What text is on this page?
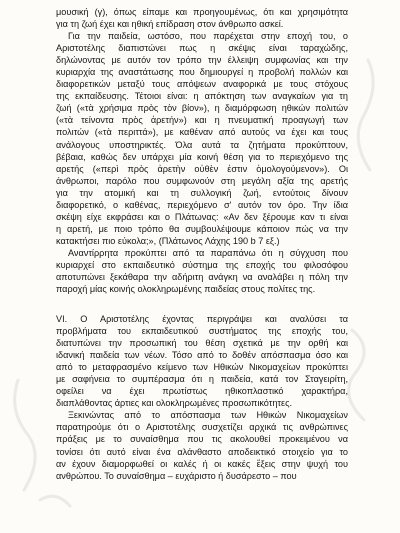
μουσική (γ), όπως είπαμε και προηγουμένως, ότι και χρησιμότητα
για τη ζωή έχει και ηθική επίδραση στον άνθρωπο ασκεί.
Για την παιδεία, ωστόσο, που παρέχεται στην εποχή του, ο
Αριστοτέλης διαπιστώνει πως η σκέψις είναι ταραχώδης,
δηλώνοντας με αυτόν τον τρόπο την έλλειψη συμφωνίας και την
κυριαρχία της αναστάτωσης που δημιουργεί η προβολή πολλών και
διαφορετικών μεταξύ τους απόψεων αναφορικά με τους στόχους
της εκπαίδευσης. Τέτοιοι είναι: η απόκτηση των αναγκαίων για τη
ζωή («τὰ χρήσιμα πρὸς τὸν βίον»), η διαμόρφωση ηθικών πολιτών
(«τὰ τείνοντα πρὸς ἀρετήν») και η πνευματική προαγωγή των
πολιτών («τὰ περιττά»), με καθέναν από αυτούς να έχει και τους
ανάλογους υποστηρικτές. Όλα αυτά τα ζητήματα προκύπτουν,
βέβαια, καθώς δεν υπάρχει μία κοινή θέση για το περιεχόμενο της
αρετής («περὶ πρὸς ἀρετὴν οὐθὲν ἐστιν ὁμολογούμενον»). Οι
άνθρωποι, παρόλο που συμφωνούν στη μεγάλη αξία της αρετής
για την ατομική και τη συλλογική ζωή, εντούτοις δίνουν
διαφορετικό, ο καθένας, περιεχόμενο σ' αυτόν τον όρο. Την ίδια
σκέψη είχε εκφράσει και ο Πλάτωνας: «Αν δεν ξέρουμε καν τι είναι
η αρετή, με ποιο τρόπο θα συμβουλέψουμε κάποιον πώς να την
κατακτήσει πιο εύκολα;», (Πλάτωνος Λάχης 190 b 7 εξ.)
Αναντίρρητα προκύπτει από τα παραπάνω ότι η σύγχυση που
κυριαρχεί στο εκπαιδευτικό σύστημα της εποχής του φιλοσόφου
αποτυπώνει ξεκάθαρα την αδήριτη ανάγκη να αναλάβει η πόλη την
παροχή μίας κοινής ολοκληρωμένης παιδείας στους πολίτες της.
VI. Ο Αριστοτέλης έχοντας περιγράψει και αναλύσει τα
προβλήματα του εκπαιδευτικού συστήματος της εποχής του,
διατυπώνει την προσωπική του θέση σχετικά με την ορθή και
ιδανική παιδεία των νέων. Τόσο από το δοθέν απόσπασμα όσο και
από το μεταφρασμένο κείμενο των Ηθικών Νικομαχείων προκύπτει
με σαφήνεια το συμπέρασμα ότι η παιδεία, κατά τον Σταγειρίτη,
οφείλει να έχει πρωτίστως ηθικοπλαστικό χαρακτήρα,
διαπλάθοντας άρτιες και ολοκληρωμένες προσωπικότητες.
Ξεκινώντας από το απόσπασμα των Ηθικών Νικομαχείων
παρατηρούμε ότι ο Αριστοτέλης συσχετίζει αρχικά τις ανθρώπινες
πράξεις με το συναίσθημα που τις ακολουθεί προκειμένου να
τονίσει ότι αυτό είναι ένα αλάνθαστο αποδεικτικό στοιχείο για το
αν έχουν διαμορφωθεί οι καλές ή οι κακές ἕξεις στην ψυχή του
ανθρώπου. Το συναίσθημα – ευχάριστο ή δυσάρεστο – που
